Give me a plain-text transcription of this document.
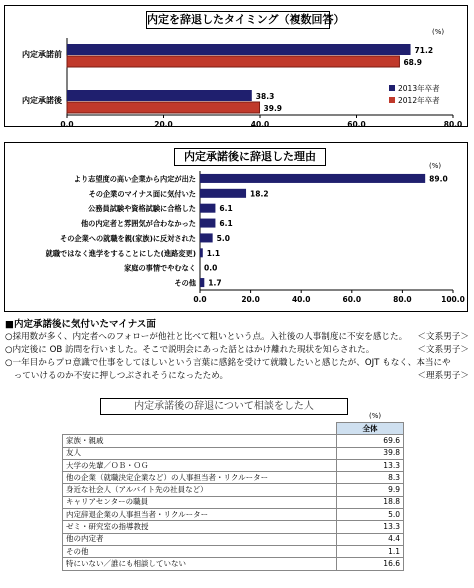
内定を辞退したタイミング（複数回答）
(%)
0.0	20.0	40.0	60.0	80.0
内定承諾前	71.2
68.9
内定承諾後	38.3
39.9
2013年卒者
2012年卒者
内定承諾後に辞退した理由
(%)
0.0	20.0	40.0	60.0	80.0	100.0
より志望度の高い企業から内定が出た	89.0
その企業のマイナス面に気付いた	18.2
公務員試験や資格試験に合格した	6.1
他の内定者と雰囲気が合わなかった	6.1
その企業への就職を親(家族)に反対された	5.0
就職ではなく進学をすることにした(進路変更) 1.1
家庭の事情でやむなく 0.0
その他 1.7
■内定承諾後に気付いたマイナス面
○採用数が多く、内定者へのフォローが他社と比べて粗いという点。入社後の人事制度に不安を感じた。 ＜文系男子＞
○内定後に OB 訪問を行いました。そこで説明会にあった話とはかけ離れた現状を知らされた。	＜文系男子＞
○一年目からプロ意識で仕事をしてほしいという言葉に感銘を受けて就職したいと感じたが、OJT もなく、本当にや
　っていけるのか不安に押しつぶされそうになったため。	＜理系男子＞
内定承諾後の辞退について相談をした人
(%)
	全体
家族・親戚	69.6
友人	39.8
大学の先輩／ＯＢ・ＯＧ	13.3
他の企業（就職決定企業など）の人事担当者・リクルーター	8.3
身近な社会人（アルバイト先の社員など）	9.9
キャリアセンターの職員	18.8
内定辞退企業の人事担当者・リクルーター	5.0
ゼミ・研究室の指導教授	13.3
他の内定者	4.4
その他	1.1
特にいない／誰にも相談していない	16.6
